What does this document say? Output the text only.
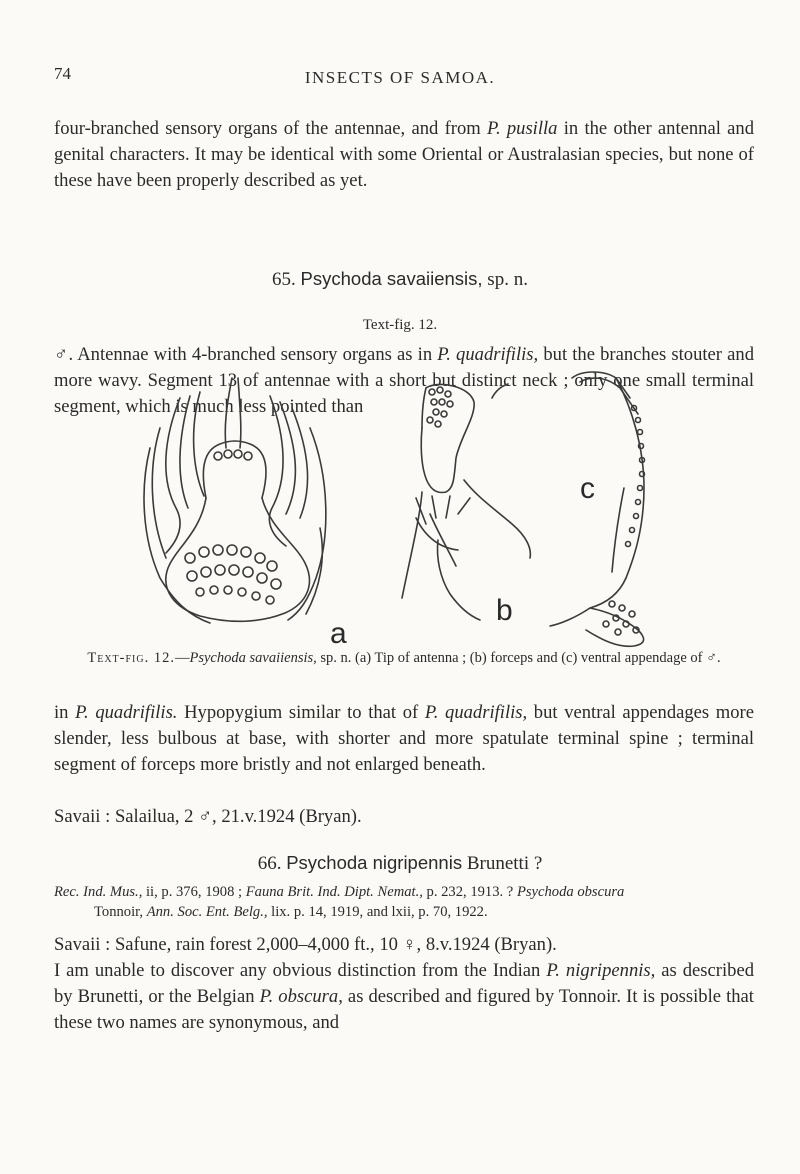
74	INSECTS OF SAMOA.

four-branched sensory organs of the antennae, and from P. pusilla in the other antennal and genital characters. It may be identical with some Oriental or Australasian species, but none of these have been properly described as yet.

65. Psychoda savaiiensis, sp. n.
Text-fig. 12.

♂. Antennae with 4-branched sensory organs as in P. quadrifilis, but the branches stouter and more wavy. Segment 13 of antennae with a short but distinct neck ; only one small terminal segment, which is much less pointed than

a
b
c
Text-fig. 12.—Psychoda savaiiensis, sp. n. (a) Tip of antenna ; (b) forceps and (c) ventral appendage of ♂.

in P. quadrifilis. Hypopygium similar to that of P. quadrifilis, but ventral appendages more slender, less bulbous at base, with shorter and more spatulate terminal spine ; terminal segment of forceps more bristly and not enlarged beneath.

Savaii : Salailua, 2 ♂, 21.v.1924 (Bryan).

66. Psychoda nigripennis Brunetti ?
Rec. Ind. Mus., ii, p. 376, 1908 ; Fauna Brit. Ind. Dipt. Nemat., p. 232, 1913. ? Psychoda obscura
Tonnoir, Ann. Soc. Ent. Belg., lix. p. 14, 1919, and lxii, p. 70, 1922.

Savaii : Safune, rain forest 2,000–4,000 ft., 10 ♀, 8.v.1924 (Bryan).

I am unable to discover any obvious distinction from the Indian P. nigripennis, as described by Brunetti, or the Belgian P. obscura, as described and figured by Tonnoir. It is possible that these two names are synonymous, and
